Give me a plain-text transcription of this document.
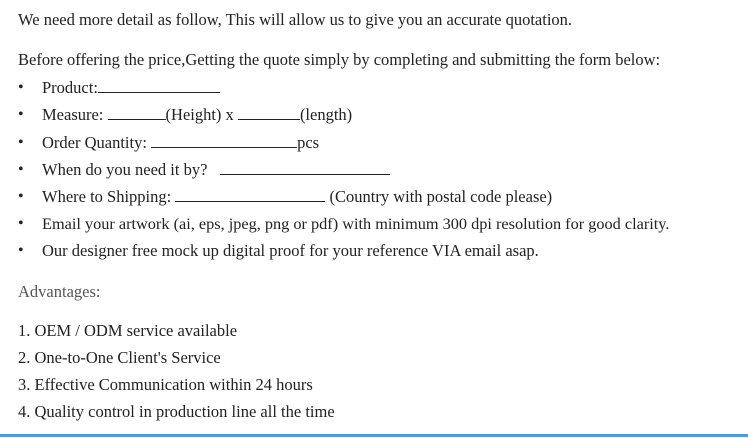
We need more detail as follow, This will allow us to give you an accurate quotation.
Before offering the price,Getting the quote simply by completing and submitting the form below:
• Product:
• Measure:	(Height) x	(length)
• Order Quantity:	pcs
• When do you need it by?
• Where to Shipping:	(Country with postal code please)
• Email your artwork (ai, eps, jpeg, png or pdf) with minimum 300 dpi resolution for good clarity.
• Our designer free mock up digital proof for your reference VIA email asap.
Advantages:
1. OEM / ODM service available
2. One-to-One Client's Service
3. Effective Communication within 24 hours
4. Quality control in production line all the time
